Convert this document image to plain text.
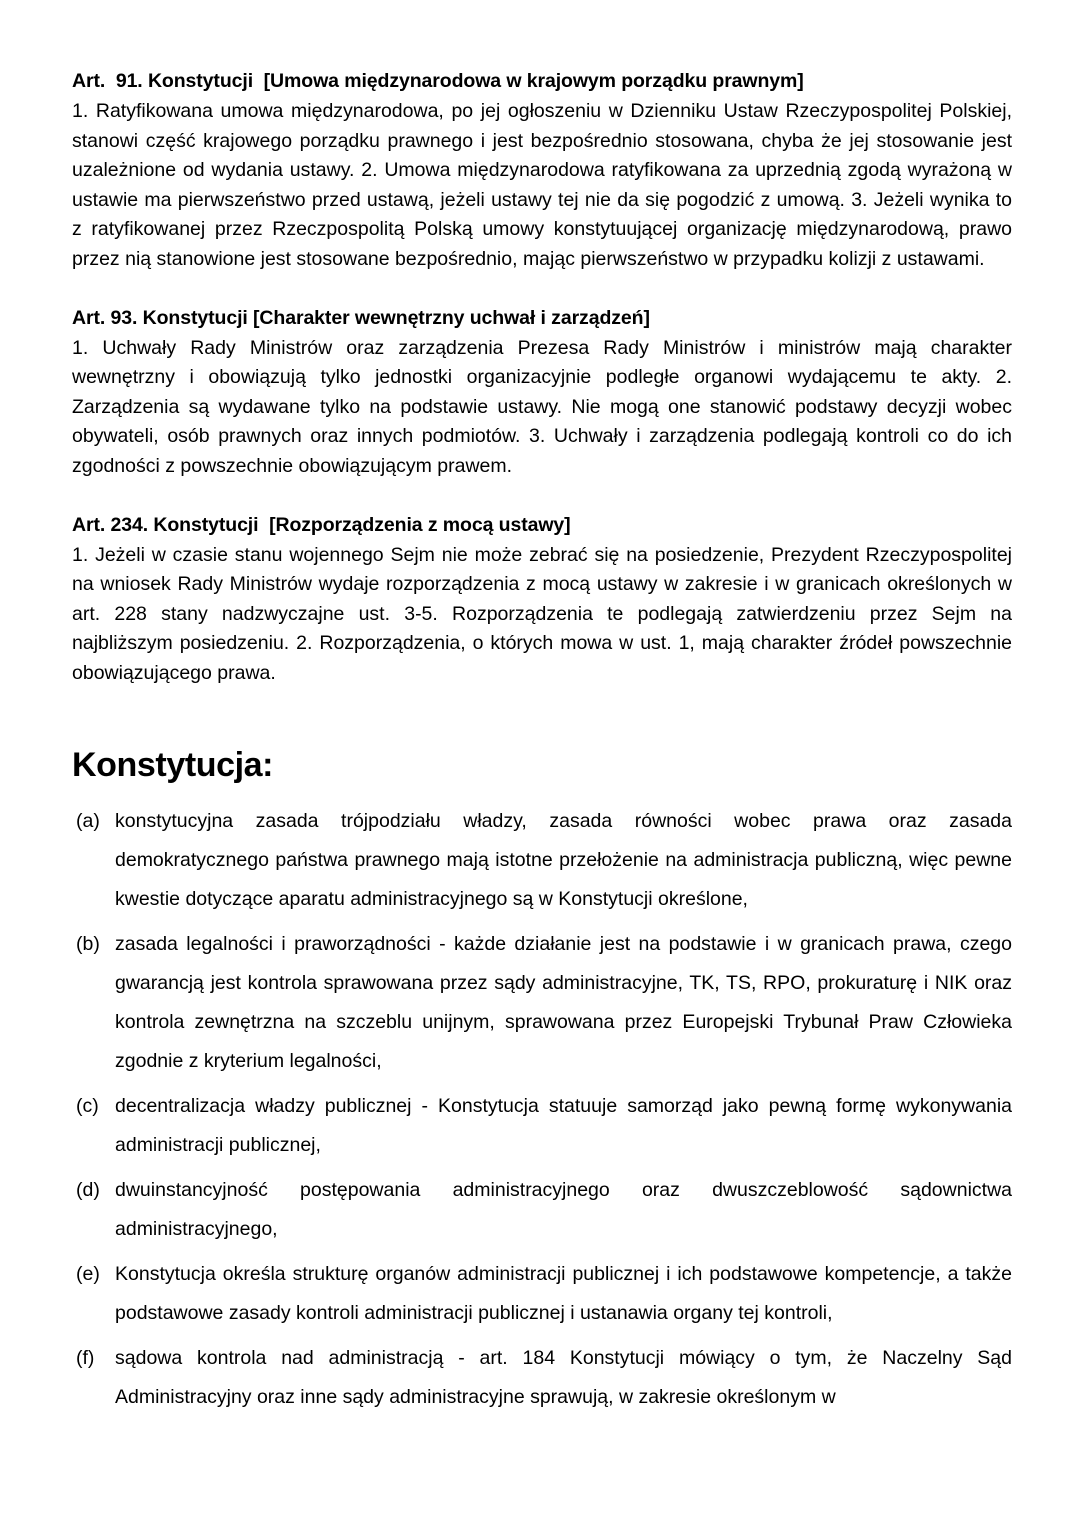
Art.  91. Konstytucji  [Umowa międzynarodowa w krajowym porządku prawnym]
1. Ratyfikowana umowa międzynarodowa, po jej ogłoszeniu w Dzienniku Ustaw Rzeczypospolitej Polskiej, stanowi część krajowego porządku prawnego i jest bezpośrednio stosowana, chyba że jej stosowanie jest uzależnione od wydania ustawy. 2. Umowa międzynarodowa ratyfikowana za uprzednią zgodą wyrażoną w ustawie ma pierwszeństwo przed ustawą, jeżeli ustawy tej nie da się pogodzić z umową. 3. Jeżeli wynika to z ratyfikowanej przez Rzeczpospolitą Polską umowy konstytuującej organizację międzynarodową, prawo przez nią stanowione jest stosowane bezpośrednio, mając pierwszeństwo w przypadku kolizji z ustawami.
Art. 93. Konstytucji [Charakter wewnętrzny uchwał i zarządzeń]
1. Uchwały Rady Ministrów oraz zarządzenia Prezesa Rady Ministrów i ministrów mają charakter wewnętrzny i obowiązują tylko jednostki organizacyjnie podległe organowi wydającemu te akty. 2. Zarządzenia są wydawane tylko na podstawie ustawy. Nie mogą one stanowić podstawy decyzji wobec obywateli, osób prawnych oraz innych podmiotów. 3. Uchwały i zarządzenia podlegają kontroli co do ich zgodności z powszechnie obowiązującym prawem.
Art. 234. Konstytucji  [Rozporządzenia z mocą ustawy]
1. Jeżeli w czasie stanu wojennego Sejm nie może zebrać się na posiedzenie, Prezydent Rzeczypospolitej na wniosek Rady Ministrów wydaje rozporządzenia z mocą ustawy w zakresie i w granicach określonych w art. 228 stany nadzwyczajne ust. 3-5. Rozporządzenia te podlegają zatwierdzeniu przez Sejm na najbliższym posiedzeniu. 2. Rozporządzenia, o których mowa w ust. 1, mają charakter źródeł powszechnie obowiązującego prawa.
Konstytucja:
(a) konstytucyjna zasada trójpodziału władzy, zasada równości wobec prawa oraz zasada demokratycznego państwa prawnego mają istotne przełożenie na administracja publiczną, więc pewne kwestie dotyczące aparatu administracyjnego są w Konstytucji określone,
(b) zasada legalności i praworządności - każde działanie jest na podstawie i w granicach prawa, czego gwarancją jest kontrola sprawowana przez sądy administracyjne, TK, TS, RPO, prokuraturę i NIK oraz kontrola zewnętrzna na szczeblu unijnym, sprawowana przez Europejski Trybunał Praw Człowieka zgodnie z kryterium legalności,
(c) decentralizacja władzy publicznej - Konstytucja statuuje samorząd jako pewną formę wykonywania administracji publicznej,
(d) dwuinstancyjność postępowania administracyjnego oraz dwuszczeblowość sądownictwa administracyjnego,
(e) Konstytucja określa strukturę organów administracji publicznej i ich podstawowe kompetencje, a także podstawowe zasady kontroli administracji publicznej i ustanawia organy tej kontroli,
(f)	sądowa kontrola nad administracją - art. 184 Konstytucji mówiący o tym, że Naczelny Sąd Administracyjny oraz inne sądy administracyjne sprawują, w zakresie określonym w
